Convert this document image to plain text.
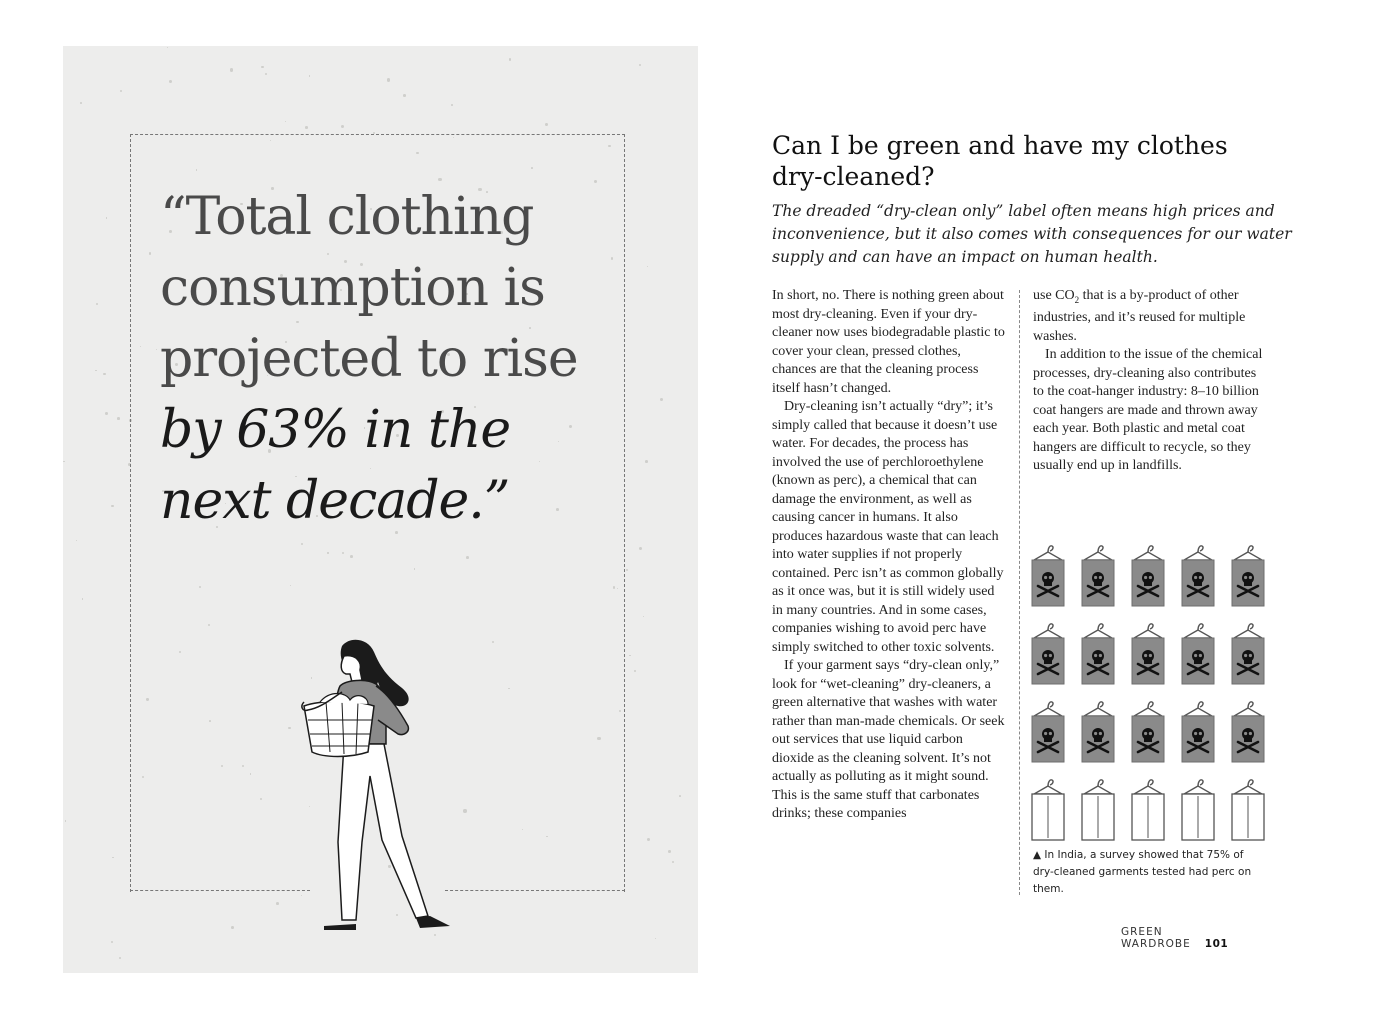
“Total clothing
consumption is
projected to rise
by 63% in the
next decade.”
Can I be green and have my clothes dry-cleaned?

The dreaded “dry-clean only” label often means high prices and inconvenience, but it also comes with consequences for our water supply and can have an impact on human health.

In short, no. There is nothing green about most dry-cleaning. Even if your dry-cleaner now uses biodegradable plastic to cover your clean, pressed clothes, chances are that the cleaning process itself hasn’t changed.

Dry-cleaning isn’t actually “dry”; it’s simply called that because it doesn’t use water. For decades, the process has involved the use of perchloroethylene (known as perc), a chemical that can damage the environment, as well as causing cancer in humans. It also produces hazardous waste that can leach into water supplies if not properly contained. Perc isn’t as common globally as it once was, but it is still widely used in many countries. And in some cases, companies wishing to avoid perc have simply switched to other toxic solvents.

If your garment says “dry-clean only,” look for “wet-cleaning” dry-cleaners, a green alternative that washes with water rather than man-made chemicals. Or seek out services that use liquid carbon dioxide as the cleaning solvent. It’s not actually as polluting as it might sound. This is the same stuff that carbonates drinks; these companies

use $CO_2$ that is a by-product of other industries, and it’s reused for multiple washes.

In addition to the issue of the chemical processes, dry-cleaning also contributes to the coat-hanger industry: 8–10 billion coat hangers are made and thrown away each year. Both plastic and metal coat hangers are difficult to recycle, so they usually end up in landfills.

▲ In India, a survey showed that 75% of dry-cleaned garments tested had perc on them.

GREEN WARDROBE 101
